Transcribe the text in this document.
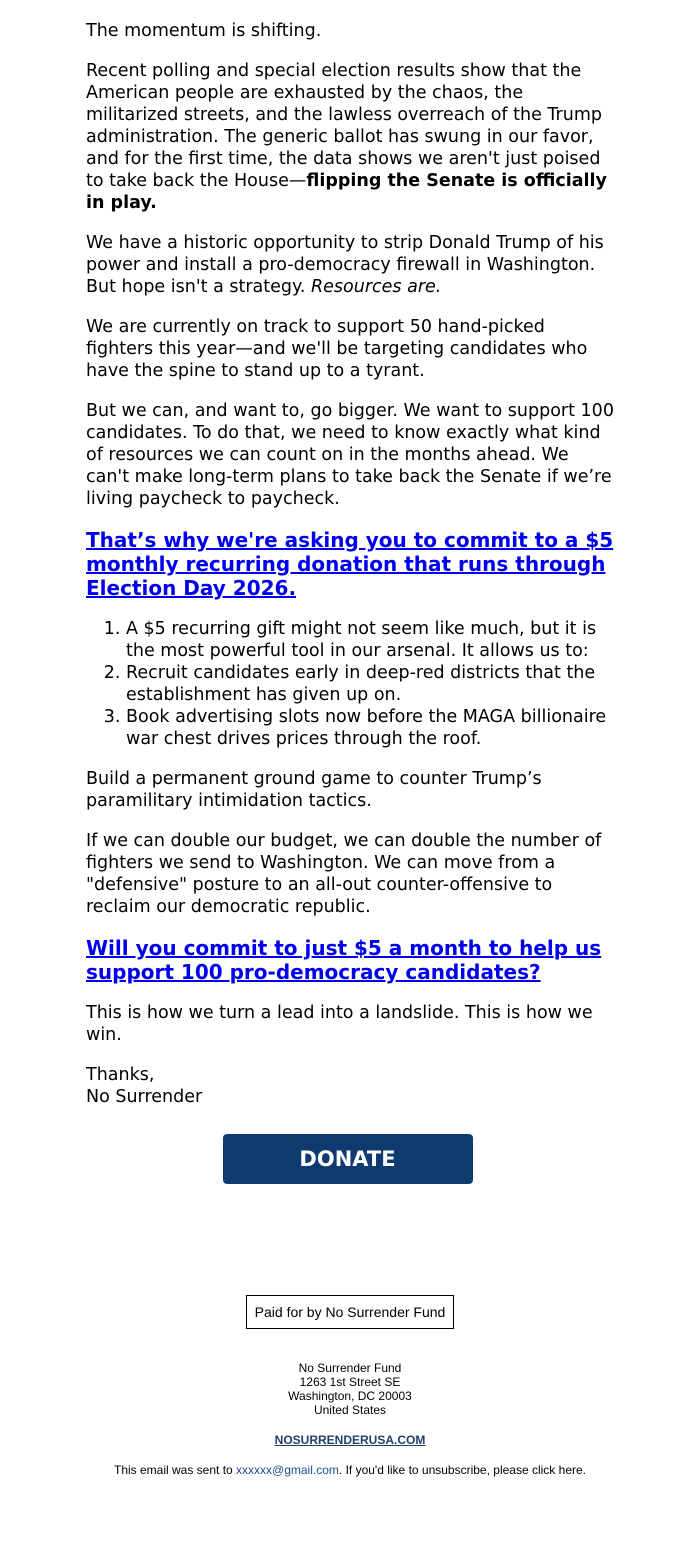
The momentum is shifting.

Recent polling and special election results show that the American people are exhausted by the chaos, the militarized streets, and the lawless overreach of the Trump administration. The generic ballot has swung in our favor, and for the first time, the data shows we aren't just poised to take back the House—flipping the Senate is officially in play.

We have a historic opportunity to strip Donald Trump of his power and install a pro-democracy firewall in Washington. But hope isn't a strategy. Resources are.

We are currently on track to support 50 hand-picked fighters this year—and we'll be targeting candidates who have the spine to stand up to a tyrant.

But we can, and want to, go bigger. We want to support 100 candidates. To do that, we need to know exactly what kind of resources we can count on in the months ahead. We can't make long-term plans to take back the Senate if we’re living paycheck to paycheck.

That’s why we're asking you to commit to a $5 monthly recurring donation that runs through Election Day 2026.
1. A $5 recurring gift might not seem like much, but it is the most powerful tool in our arsenal. It allows us to:
2. Recruit candidates early in deep-red districts that the establishment has given up on.
3. Book advertising slots now before the MAGA billionaire war chest drives prices through the roof.

Build a permanent ground game to counter Trump’s paramilitary intimidation tactics.

If we can double our budget, we can double the number of fighters we send to Washington. We can move from a "defensive" posture to an all-out counter-offensive to reclaim our democratic republic.

Will you commit to just $5 a month to help us support 100 pro-democracy candidates?

This is how we turn a lead into a landslide. This is how we win.

Thanks,
No Surrender

DONATE
Paid for by No Surrender Fund
No Surrender Fund
1263 1st Street SE
Washington, DC 20003
United States
NOSURRENDERUSA.COM
This email was sent to xxxxxx@gmail.com. If you'd like to unsubscribe, please click here.
